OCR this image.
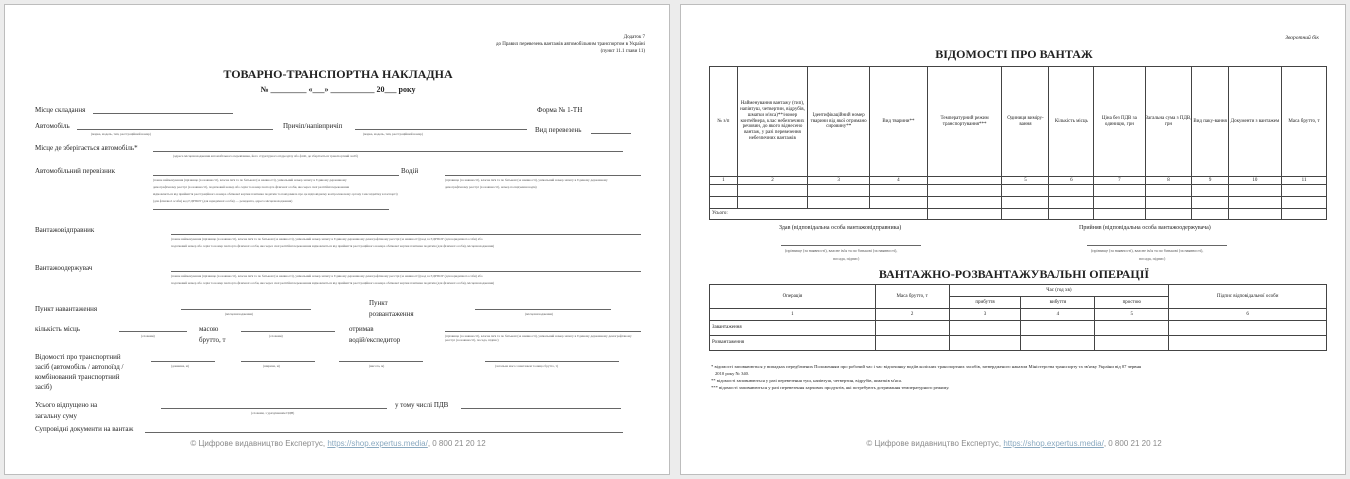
Додаток 7
до Правил перевезень вантажів автомобільним транспортом в Україні
(пункт 11.1 глави 11)
ТОВАРНО-ТРАНСПОРТНА НАКЛАДНА
№ _________ «___» ___________ 20___ року
Місце складання	Форма № 1-ТН
Автомобіль
(марка, модель, тип, реєстраційний номер)
Причіп/напівпричіп
(марка, модель, тип, реєстраційний номер)	Вид перевезень
Місце де зберігається автомобіль*
(адреса місцезнаходження автомобільного перевізника, його структурного підрозділу або філії, де зберігається транспортний засіб)
Автомобільний перевізник
(повне найменування (прізвище (за наявності), власне ім'я та по батькові (за наявності), унікальний номер запису в Єдиному державному
демографічному реєстрі (за наявності), податковий номер або серія та номер паспорта фізичної особи, яка через свої релігійні переконання
відмовляється від прийняття реєстраційного номера облікової картки платника податків та повідомила про це відповідному контролюючому органу і має відмітку в паспорті)
(для фізичної особи) код ЄДРПОУ (для юридичної особи) — резидента, адреса місцезнаходження)
Водій
(прізвище (за наявності), власне ім'я та по батькові (за наявності), унікальний номер запису в Єдиному державному
демографічному реєстрі (за наявності), номер посвідчення водія)
Вантажовідправник
(повне найменування (прізвище (за наявності), власне ім'я та по батькові (за наявності), унікальний номер запису в Єдиному державному демографічному реєстрі (за наявності)) код за ЄДРПОУ (для юридичної особи) або
податковий номер або серія та номер паспорта фізичної особи, яка через свої релігійні переконання відмовляється від прийняття реєстраційного номера облікової картки платника податків (для фізичної особи), місцезнаходження)
Вантажоодержувач
(повне найменування (прізвище (за наявності), власне ім'я та по батькові (за наявності), унікальний номер запису в Єдиному державному демографічному реєстрі (за наявності)) код за ЄДРПОУ (для юридичної особи) або
податковий номер або серія та номер паспорта фізичної особи, яка через свої релігійні переконання відмовляється від прийняття реєстраційного номера облікової картки платника податків (для фізичної особи), місцезнаходження)
Пункт навантаження
(місцезнаходження)
Пункт
розвантаження	(місцезнаходження)
кількість місць
(словами)
масою
брутто, т	(словами)
отримав
водій/експедитор	(прізвище (за наявності), власне ім'я та по батькові (за наявності), унікальний номер запису в Єдиному державному демографічному реєстрі (за наявності), посада, підпис)
Відомості про транспортний
засіб (автомобіль / автопоїзд /
комбінований транспортний
засіб)
(довжина, м)	(ширина, м)	(висота, м)	(загальна маса з вантажем та якщо брутто, т)
Усього відпущено на
загальну суму	(словами, з урахуванням ПДВ)
у тому числі ПДВ
Супровідні документи на вантаж
© Цифрове видавництво Експертус, https://shop.expertus.media/, 0 800 21 20 12
Зворотний бік
ВІДОМОСТІ ПРО ВАНТАЖ
№ з/п	Найменування вантажу (тип), напівтуш, четвертин, відрубів, шматки м'яса)**/номер контейнера, клас небезпечних речовин, до якого віднесено вантаж, у разі перевезення небезпечних вантажів	Ідентифікаційний номер тварини від якої отримано сировину**	Вид тварини**	Температурний режим транспортування***	Одиниця виміру-вання	Кількість місць	Ціна без ПДВ за одиницю, грн	Загальна сума з ПДВ, грн	Вид паку-вання	Документи з вантажем	Маса брутто, т
1	2	3	4		5	6	7	8	9	10	11

Усього:											
Здав (відповідальна особа вантажовідправника)
(прізвище (за наявності), власне ім'я та по батькові (за наявності),
посада, підпис)
Прийняв (відповідальна особа вантажоодержувача)
(прізвище (за наявності), власне ім'я та по батькові (за наявності),
посада, підпис)
ВАНТАЖНО-РОЗВАНТАЖУВАЛЬНІ ОПЕРАЦІЇ
Операція	Маса брутто, т	Час (год хв)			Підпис відповідальної особи
		прибуття	вибуття	простою	
1	2	3	4	5	6
Завантаження					
Розвантаження					
* відомості заповнюються у випадках передбачених Положенням про робочий час і час відпочинку водіїв колісних транспортних засобів, затвердженого наказом Міністерства транспорту та зв'язку України від 07 червня
2010 року № 340.
** відомості заповнюються у разі перевезення туш, напівтуш, четвертин, відрубів, шматків м'яса.
*** відомості заповнюються у разі перевезення харчових продуктів, які потребують дотримання температурного режиму.
© Цифрове видавництво Експертус, https://shop.expertus.media/, 0 800 21 20 12
